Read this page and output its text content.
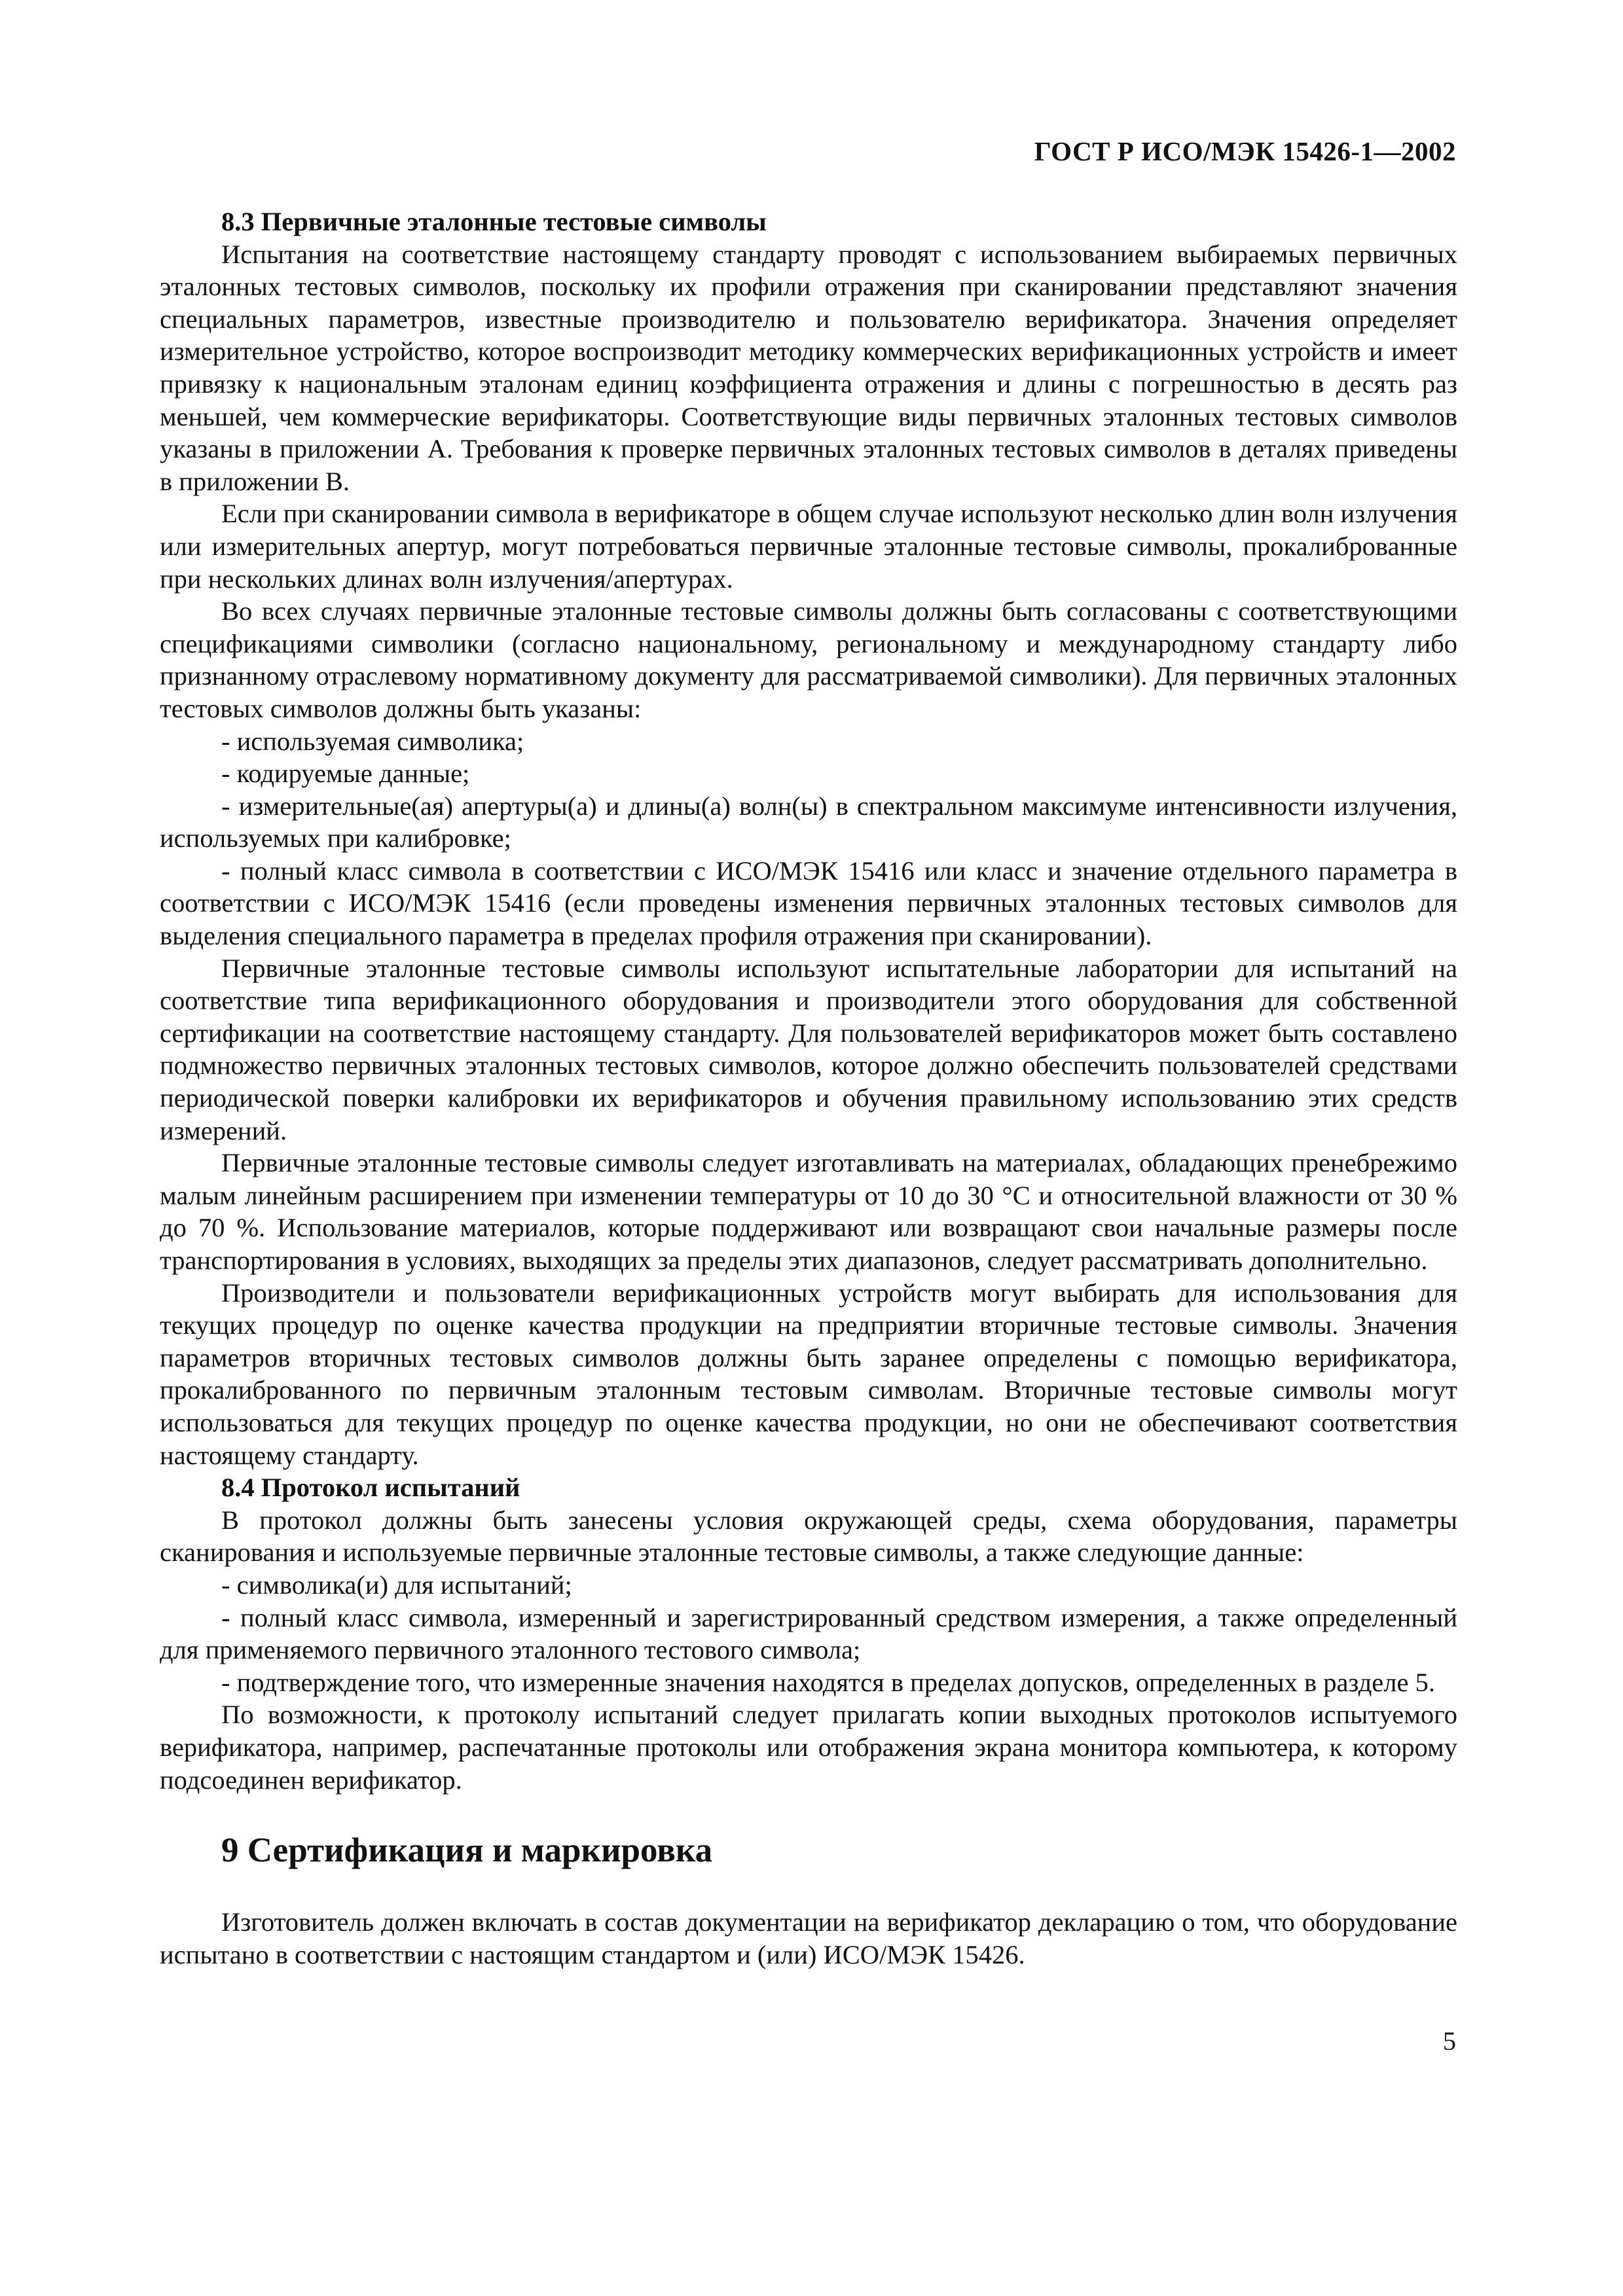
ГОСТ Р ИСО/МЭК 15426-1—2002
8.3 Первичные эталонные тестовые символы

Испытания на соответствие настоящему стандарту проводят с использованием выбираемых первичных эталонных тестовых символов, поскольку их профили отражения при сканировании представляют значения специальных параметров, известные производителю и пользователю верификатора. Значения определяет измерительное устройство, которое воспроизводит методику коммерческих верификационных устройств и имеет привязку к национальным эталонам единиц коэффициента отражения и длины с погрешностью в десять раз меньшей, чем коммерческие верификаторы. Соответствующие виды первичных эталонных тестовых символов указаны в приложении А. Требования к проверке первичных эталонных тестовых символов в деталях приведены в приложении В.

Если при сканировании символа в верификаторе в общем случае используют несколько длин волн излучения или измерительных апертур, могут потребоваться первичные эталонные тестовые символы, прокалиброванные при нескольких длинах волн излучения/апертурах.

Во всех случаях первичные эталонные тестовые символы должны быть согласованы с соответствующими спецификациями символики (согласно национальному, региональному и международному стандарту либо признанному отраслевому нормативному документу для рассматриваемой символики). Для первичных эталонных тестовых символов должны быть указаны:

- используемая символика;

- кодируемые данные;

- измерительные(ая) апертуры(а) и длины(а) волн(ы) в спектральном максимуме интенсивности излучения, используемых при калибровке;

- полный класс символа в соответствии с ИСО/МЭК 15416 или класс и значение отдельного параметра в соответствии с ИСО/МЭК 15416 (если проведены изменения первичных эталонных тестовых символов для выделения специального параметра в пределах профиля отражения при сканировании).

Первичные эталонные тестовые символы используют испытательные лаборатории для испытаний на соответствие типа верификационного оборудования и производители этого оборудования для собственной сертификации на соответствие настоящему стандарту. Для пользователей верификаторов может быть составлено подмножество первичных эталонных тестовых символов, которое должно обеспечить пользователей средствами периодической поверки калибровки их верификаторов и обучения правильному использованию этих средств измерений.

Первичные эталонные тестовые символы следует изготавливать на материалах, обладающих пренебрежимо малым линейным расширением при изменении температуры от 10 до 30 °С и относительной влажности от 30 % до 70 %. Использование материалов, которые поддерживают или возвращают свои начальные размеры после транспортирования в условиях, выходящих за пределы этих диапазонов, следует рассматривать дополнительно.

Производители и пользователи верификационных устройств могут выбирать для использования для текущих процедур по оценке качества продукции на предприятии вторичные тестовые символы. Значения параметров вторичных тестовых символов должны быть заранее определены с помощью верификатора, прокалиброванного по первичным эталонным тестовым символам. Вторичные тестовые символы могут использоваться для текущих процедур по оценке качества продукции, но они не обеспечивают соответствия настоящему стандарту.

8.4 Протокол испытаний

В протокол должны быть занесены условия окружающей среды, схема оборудования, параметры сканирования и используемые первичные эталонные тестовые символы, а также следующие данные:

- символика(и) для испытаний;

- полный класс символа, измеренный и зарегистрированный средством измерения, а также определенный для применяемого первичного эталонного тестового символа;

- подтверждение того, что измеренные значения находятся в пределах допусков, определенных в разделе 5.

По возможности, к протоколу испытаний следует прилагать копии выходных протоколов испытуемого верификатора, например, распечатанные протоколы или отображения экрана монитора компьютера, к которому подсоединен верификатор.

9 Сертификация и маркировка

Изготовитель должен включать в состав документации на верификатор декларацию о том, что оборудование испытано в соответствии с настоящим стандартом и (или) ИСО/МЭК 15426.

5
